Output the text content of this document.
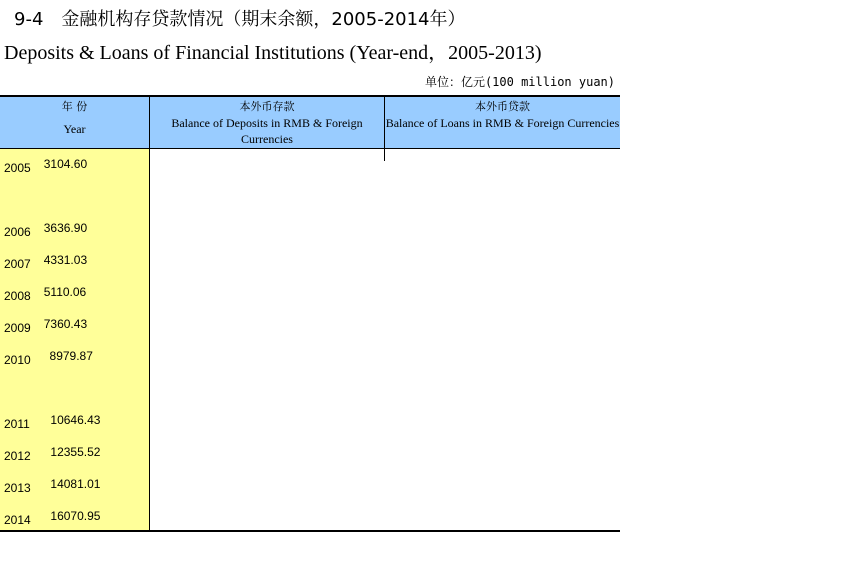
9-4　金融机构存贷款情况（期末余额，2005-2014年）
Deposits & Loans of Financial Institutions (Year-end，2005-2013)
单位：亿元(100 million yuan)
年 份
Year
本外币存款
Balance of Deposits in RMB & Foreign Currencies
本外币贷款
Balance of Loans in RMB & Foreign Currencies
2005 3104.60
2006 3636.90
2007 4331.03
2008 5110.06
2009 7360.43
2010 8979.87
2011 10646.43
2012 12355.52
2013 14081.01
2014 16070.95
